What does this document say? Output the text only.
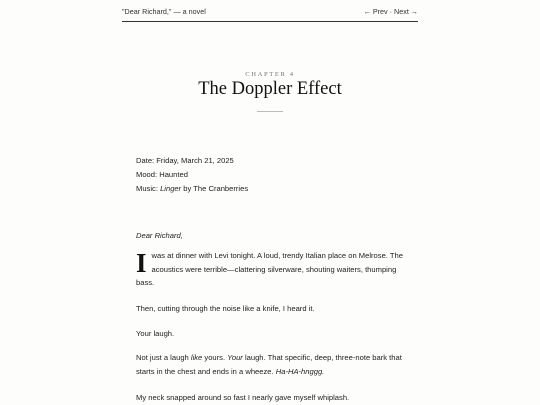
"Dear Richard," — a novel	← Prev · Next →
CHAPTER 4
The Doppler Effect
Date: Friday, March 21, 2025
Mood: Haunted
Music: Linger by The Cranberries
Dear Richard,
Iwas at dinner with Levi tonight. A loud, trendy Italian place on Melrose. The acoustics were terrible—clattering silverware, shouting waiters, thumping bass.
Then, cutting through the noise like a knife, I heard it.
Your laugh.
Not just a laugh like yours. Your laugh. That specific, deep, three-note bark that starts in the chest and ends in a wheeze. Ha-HA-hnggg.
My neck snapped around so fast I nearly gave myself whiplash.
